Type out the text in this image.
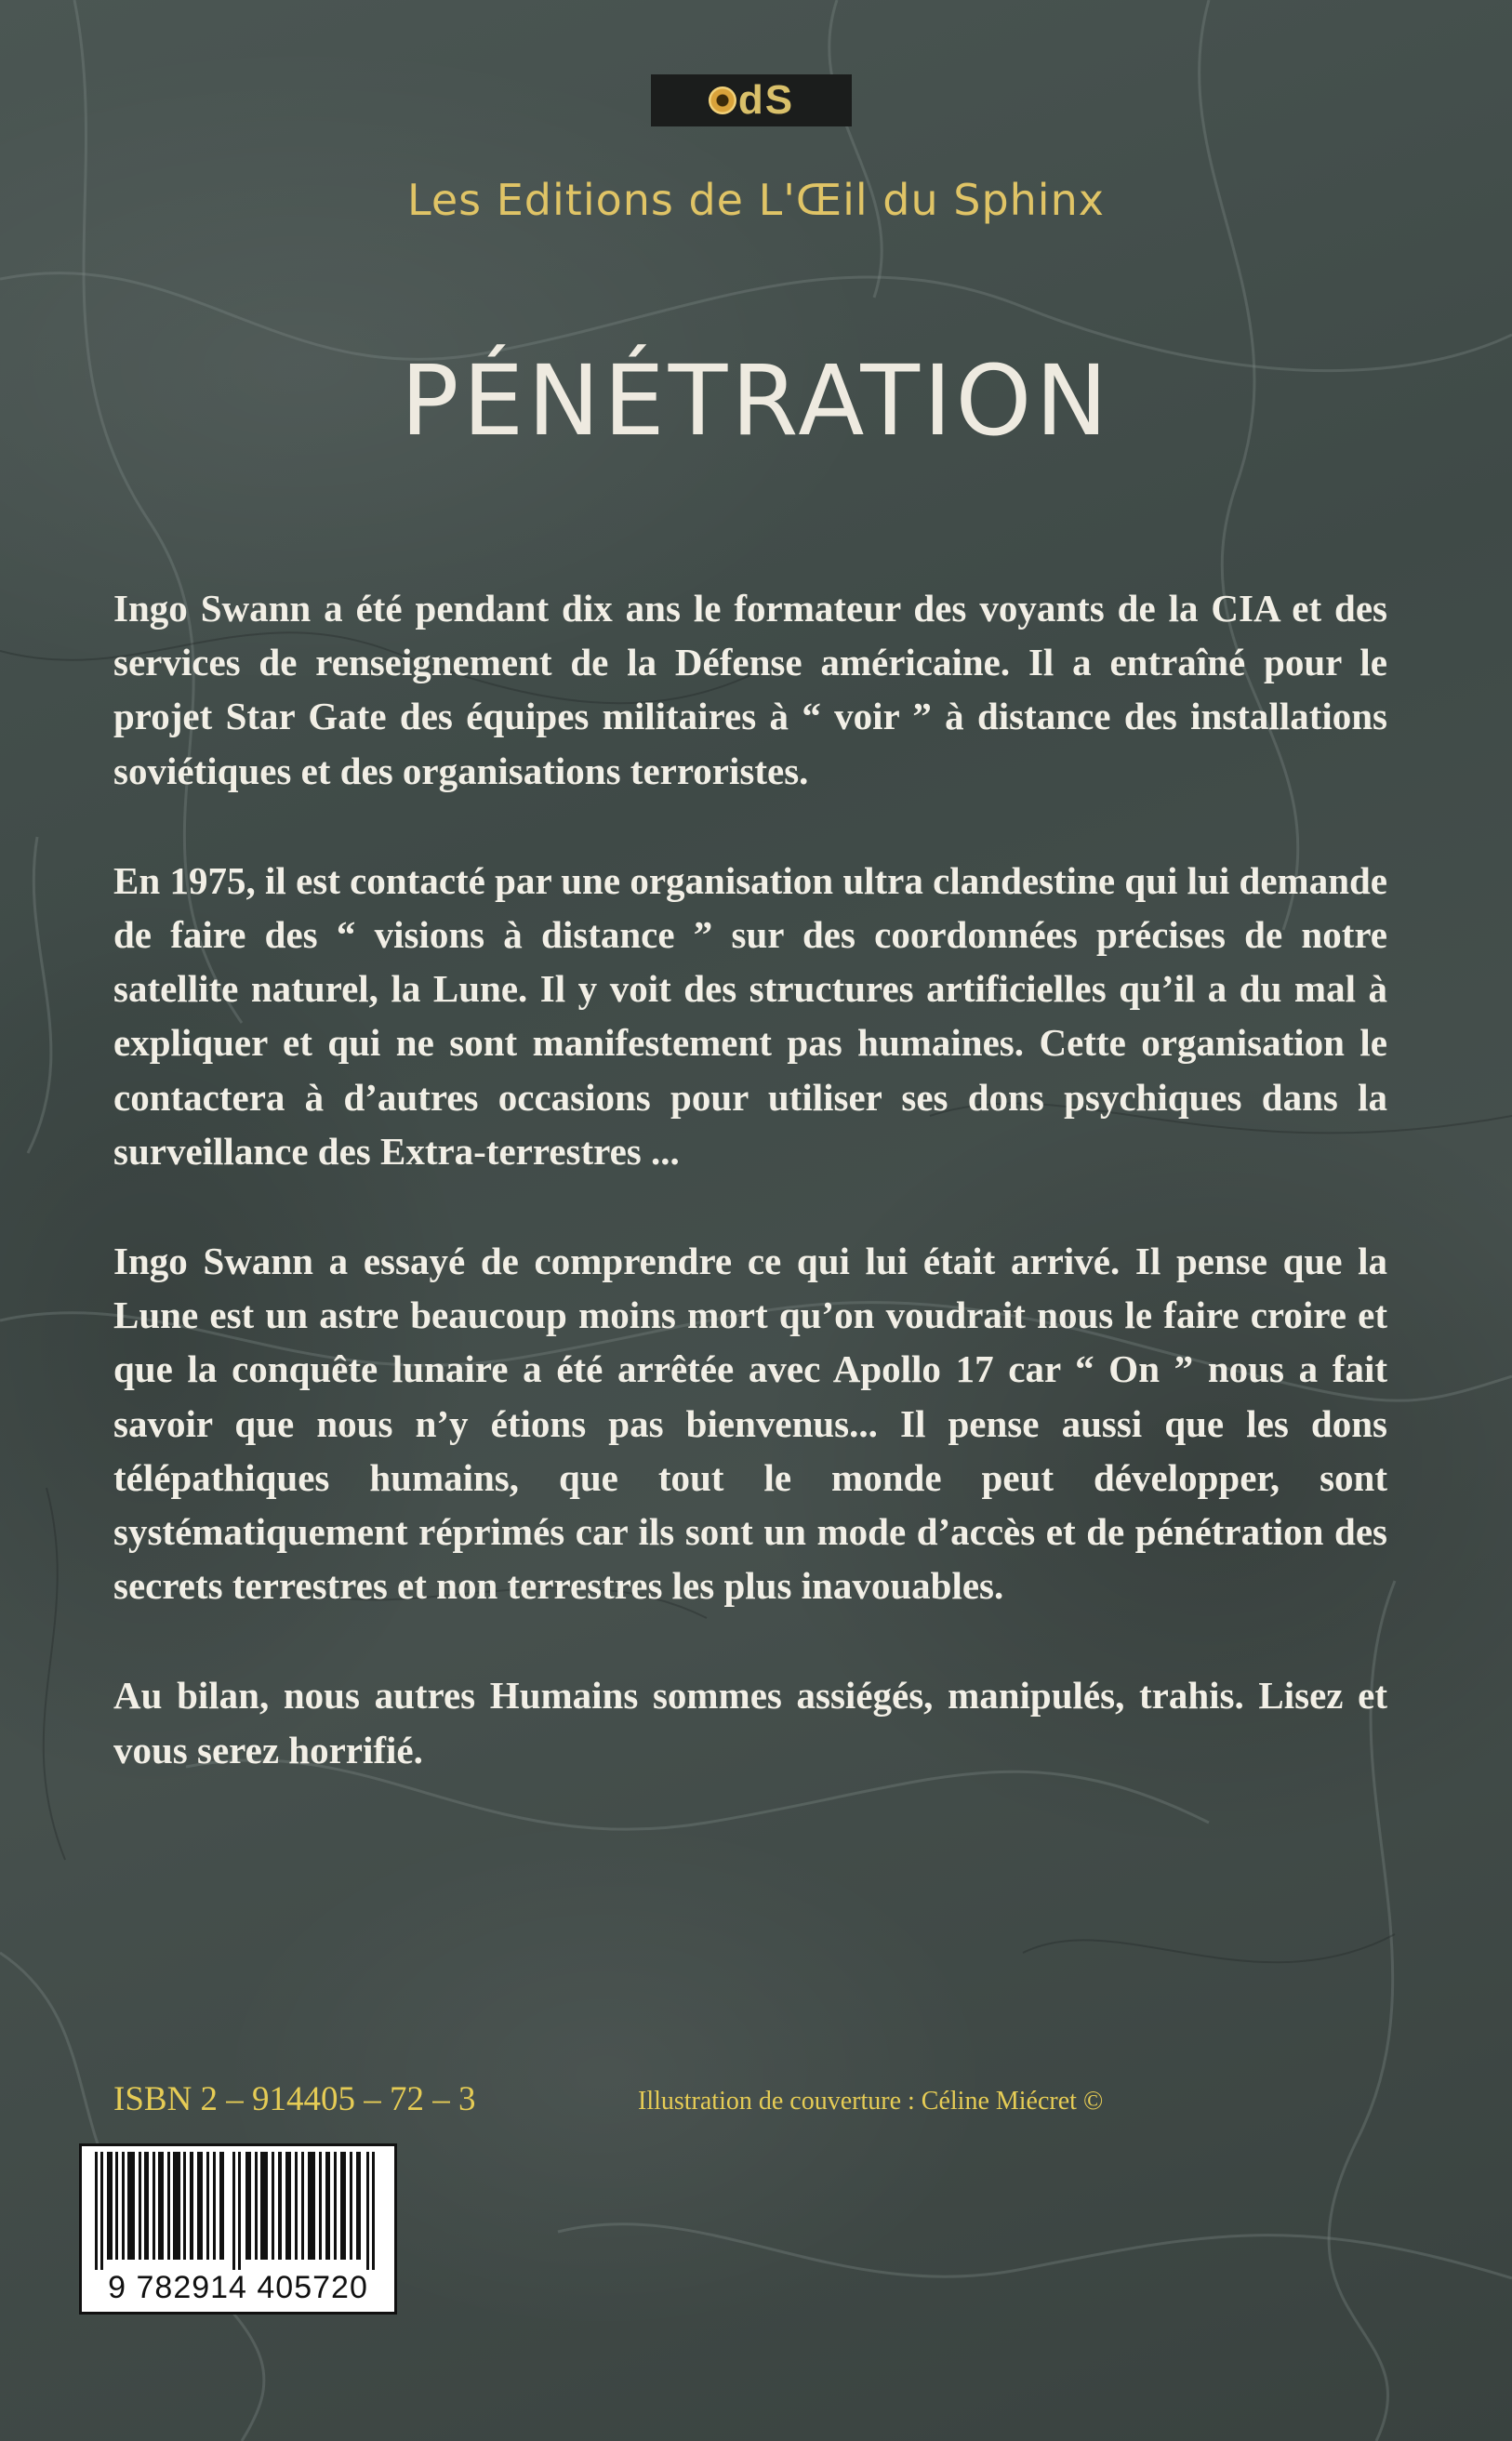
dS
Les Editions de L'Œil du Sphinx
PÉNÉTRATION

Ingo Swann a été pendant dix ans le formateur des voyants de la CIA et des services de renseignement de la Défense américaine. Il a entraîné pour le projet Star Gate des équipes militaires à “ voir ” à distance des installations soviétiques et des organisations terroristes.

En 1975, il est contacté par une organisation ultra clandestine qui lui demande de faire des “ visions à distance ” sur des coordonnées précises de notre satellite naturel, la Lune. Il y voit des structures artificielles qu’il a du mal à expliquer et qui ne sont manifestement pas humaines. Cette organisation le contactera à d’autres occasions pour utiliser ses dons psychiques dans la surveillance des Extra-terrestres ...

Ingo Swann a essayé de comprendre ce qui lui était arrivé. Il pense que la Lune est un astre beaucoup moins mort qu’on voudrait nous le faire croire et que la conquête lunaire a été arrêtée avec Apollo 17 car “ On ” nous a fait savoir que nous n’y étions pas bienvenus... Il pense aussi que les dons télépathiques humains, que tout le monde peut développer, sont systématiquement réprimés car ils sont un mode d’accès et de pénétration des secrets terrestres et non terrestres les plus inavouables.

Au bilan, nous autres Humains sommes assiégés, manipulés, trahis. Lisez et vous serez horrifié.

ISBN 2 – 914405 – 72 – 3	Illustration de couverture : Céline Miécret ©
9 782914 405720
